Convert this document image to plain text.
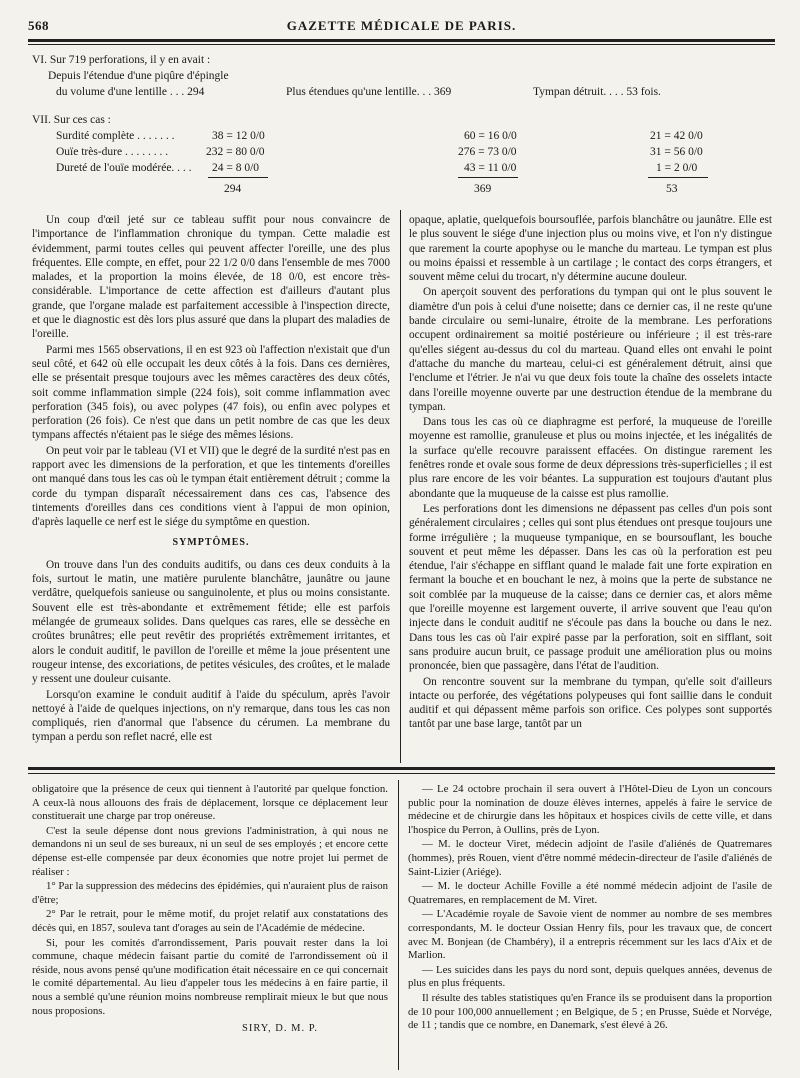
568	GAZETTE MÉDICALE DE PARIS.
VI. Sur 719 perforations, il y en avait :
Depuis l'étendue d'une piqûre d'épingle
du volume d'une lentille . . . 294	Plus étendues qu'une lentille. . . 369	Tympan détruit. . . . 53 fois.
VII. Sur ces cas :
Surdité complète . . . . . . .	38 = 12 0/0	60 = 16 0/0	21 = 42 0/0
Ouïe très-dure . . . . . . . .	232 = 80 0/0	276 = 73 0/0	31 = 56 0/0
Dureté de l'ouïe modérée. . . . 24 = 8 0/0	43 = 11 0/0	1 = 2 0/0
294	369	53

Un coup d'œil jeté sur ce tableau suffit pour nous convaincre de l'importance de l'inflammation chronique du tympan. Cette maladie est évidemment, parmi toutes celles qui peuvent affecter l'oreille, une des plus fréquentes. Elle compte, en effet, pour 22 1/2 0/0 dans l'ensemble de mes 7000 malades, et la proportion la moins élevée, de 18 0/0, est encore très-considérable. L'importance de cette affection est d'ailleurs d'autant plus grande, que l'organe malade est parfaitement accessible à l'inspection directe, et que le diagnostic est dès lors plus assuré que dans la plupart des maladies de l'oreille.

Parmi mes 1565 observations, il en est 923 où l'affection n'existait que d'un seul côté, et 642 où elle occupait les deux côtés à la fois. Dans ces dernières, elle se présentait presque toujours avec les mêmes caractères des deux côtés, soit comme inflammation simple (224 fois), soit comme inflammation avec perforation (345 fois), ou avec polypes (47 fois), ou enfin avec polypes et perforation (26 fois). Ce n'est que dans un petit nombre de cas que les deux tympans affectés n'étaient pas le siége des mêmes lésions.

On peut voir par le tableau (VI et VII) que le degré de la surdité n'est pas en rapport avec les dimensions de la perforation, et que les tintements d'oreilles ont manqué dans tous les cas où le tympan était entièrement détruit ; comme la corde du tympan disparaît nécessairement dans ces cas, l'absence des tintements d'oreilles dans ces conditions vient à l'appui de mon opinion, d'après laquelle ce nerf est le siége du symptôme en question.

SYMPTÔMES.

On trouve dans l'un des conduits auditifs, ou dans ces deux conduits à la fois, surtout le matin, une matière purulente blanchâtre, jaunâtre ou jaune verdâtre, quelquefois sanieuse ou sanguinolente, et plus ou moins consistante. Souvent elle est très-abondante et extrêmement fétide; elle est parfois mélangée de grumeaux solides. Dans quelques cas rares, elle se dessèche en croûtes brunâtres; elle peut revêtir des propriétés extrêmement irritantes, et alors le conduit auditif, le pavillon de l'oreille et même la joue présentent une rougeur intense, des excoriations, de petites vésicules, des croûtes, et le malade y ressent une douleur cuisante.

Lorsqu'on examine le conduit auditif à l'aide du spéculum, après l'avoir nettoyé à l'aide de quelques injections, on n'y remarque, dans tous les cas non compliqués, rien d'anormal que l'absence du cérumen. La membrane du tympan a perdu son reflet nacré, elle est

opaque, aplatie, quelquefois boursouflée, parfois blanchâtre ou jaunâtre. Elle est le plus souvent le siége d'une injection plus ou moins vive, et l'on n'y distingue que rarement la courte apophyse ou le manche du marteau. Le tympan est plus ou moins épaissi et ressemble à un cartilage ; le contact des corps étrangers, et souvent même celui du trocart, n'y détermine aucune douleur.

On aperçoit souvent des perforations du tympan qui ont le plus souvent le diamètre d'un pois à celui d'une noisette; dans ce dernier cas, il ne reste qu'une bande circulaire ou semi-lunaire, étroite de la membrane. Les perforations occupent ordinairement sa moitié postérieure ou inférieure ; il est très-rare qu'elles siégent au-dessus du col du marteau. Quand elles ont envahi le point d'attache du manche du marteau, celui-ci est généralement détruit, ainsi que l'enclume et l'étrier. Je n'ai vu que deux fois toute la chaîne des osselets intacte dans l'oreille moyenne ouverte par une destruction étendue de la membrane du tympan.

Dans tous les cas où ce diaphragme est perforé, la muqueuse de l'oreille moyenne est ramollie, granuleuse et plus ou moins injectée, et les inégalités de la surface qu'elle recouvre paraissent effacées. On distingue rarement les fenêtres ronde et ovale sous forme de deux dépressions très-superficielles ; il est plus rare encore de les voir béantes. La suppuration est toujours d'autant plus abondante que la muqueuse de la caisse est plus ramollie.

Les perforations dont les dimensions ne dépassent pas celles d'un pois sont généralement circulaires ; celles qui sont plus étendues ont presque toujours une forme irrégulière ; la muqueuse tympanique, en se boursouflant, les bouche souvent et peut même les dépasser. Dans les cas où la perforation est peu étendue, l'air s'échappe en sifflant quand le malade fait une forte expiration en fermant la bouche et en bouchant le nez, à moins que la perte de substance ne soit comblée par la muqueuse de la caisse; dans ce dernier cas, et alors même que l'oreille moyenne est largement ouverte, il arrive souvent que l'eau qu'on injecte dans le conduit auditif ne s'écoule pas dans la bouche ou dans le nez. Dans tous les cas où l'air expiré passe par la perforation, soit en sifflant, soit sans produire aucun bruit, ce passage produit une amélioration plus ou moins prononcée, bien que passagère, dans l'état de l'audition.

On rencontre souvent sur la membrane du tympan, qu'elle soit d'ailleurs intacte ou perforée, des végétations polypeuses qui font saillie dans le conduit auditif et qui dépassent même parfois son orifice. Ces polypes sont supportés tantôt par une base large, tantôt par un

obligatoire que la présence de ceux qui tiennent à l'autorité par quelque fonction. A ceux-là nous allouons des frais de déplacement, lorsque ce déplacement leur constituerait une charge par trop onéreuse.

C'est la seule dépense dont nous grevions l'administration, à qui nous ne demandons ni un seul de ses bureaux, ni un seul de ses employés ; et encore cette dépense est-elle compensée par deux économies que notre projet lui permet de réaliser :

1° Par la suppression des médecins des épidémies, qui n'auraient plus de raison d'être;

2° Par le retrait, pour le même motif, du projet relatif aux constatations des décès qui, en 1857, souleva tant d'orages au sein de l'Académie de médecine.

Si, pour les comités d'arrondissement, Paris pouvait rester dans la loi commune, chaque médecin faisant partie du comité de l'arrondissement où il réside, nous avons pensé qu'une modification était nécessaire en ce qui concernait le comité départemental. Au lieu d'appeler tous les médecins à en faire partie, il nous a semblé qu'une réunion moins nombreuse remplirait mieux le but que nous nous proposions.

SIRY, D. M. P.

— Le 24 octobre prochain il sera ouvert à l'Hôtel-Dieu de Lyon un concours public pour la nomination de douze élèves internes, appelés à faire le service de médecine et de chirurgie dans les hôpitaux et hospices civils de cette ville, et dans l'hospice du Perron, à Oullins, près de Lyon.

— M. le docteur Viret, médecin adjoint de l'asile d'aliénés de Quatremares (hommes), près Rouen, vient d'être nommé médecin-directeur de l'asile d'aliénés de Saint-Lizier (Ariége).

— M. le docteur Achille Foville a été nommé médecin adjoint de l'asile de Quatremares, en remplacement de M. Viret.

— L'Académie royale de Savoie vient de nommer au nombre de ses membres correspondants, M. le docteur Ossian Henry fils, pour les travaux que, de concert avec M. Bonjean (de Chambéry), il a entrepris récemment sur les lacs d'Aix et de Marlion.

— Les suicides dans les pays du nord sont, depuis quelques années, devenus de plus en plus fréquents.

Il résulte des tables statistiques qu'en France ils se produisent dans la proportion de 10 pour 100,000 annuellement ; en Belgique, de 5 ; en Prusse, Suède et Norvége, de 11 ; tandis que ce nombre, en Danemark, s'est élevé à 26.
